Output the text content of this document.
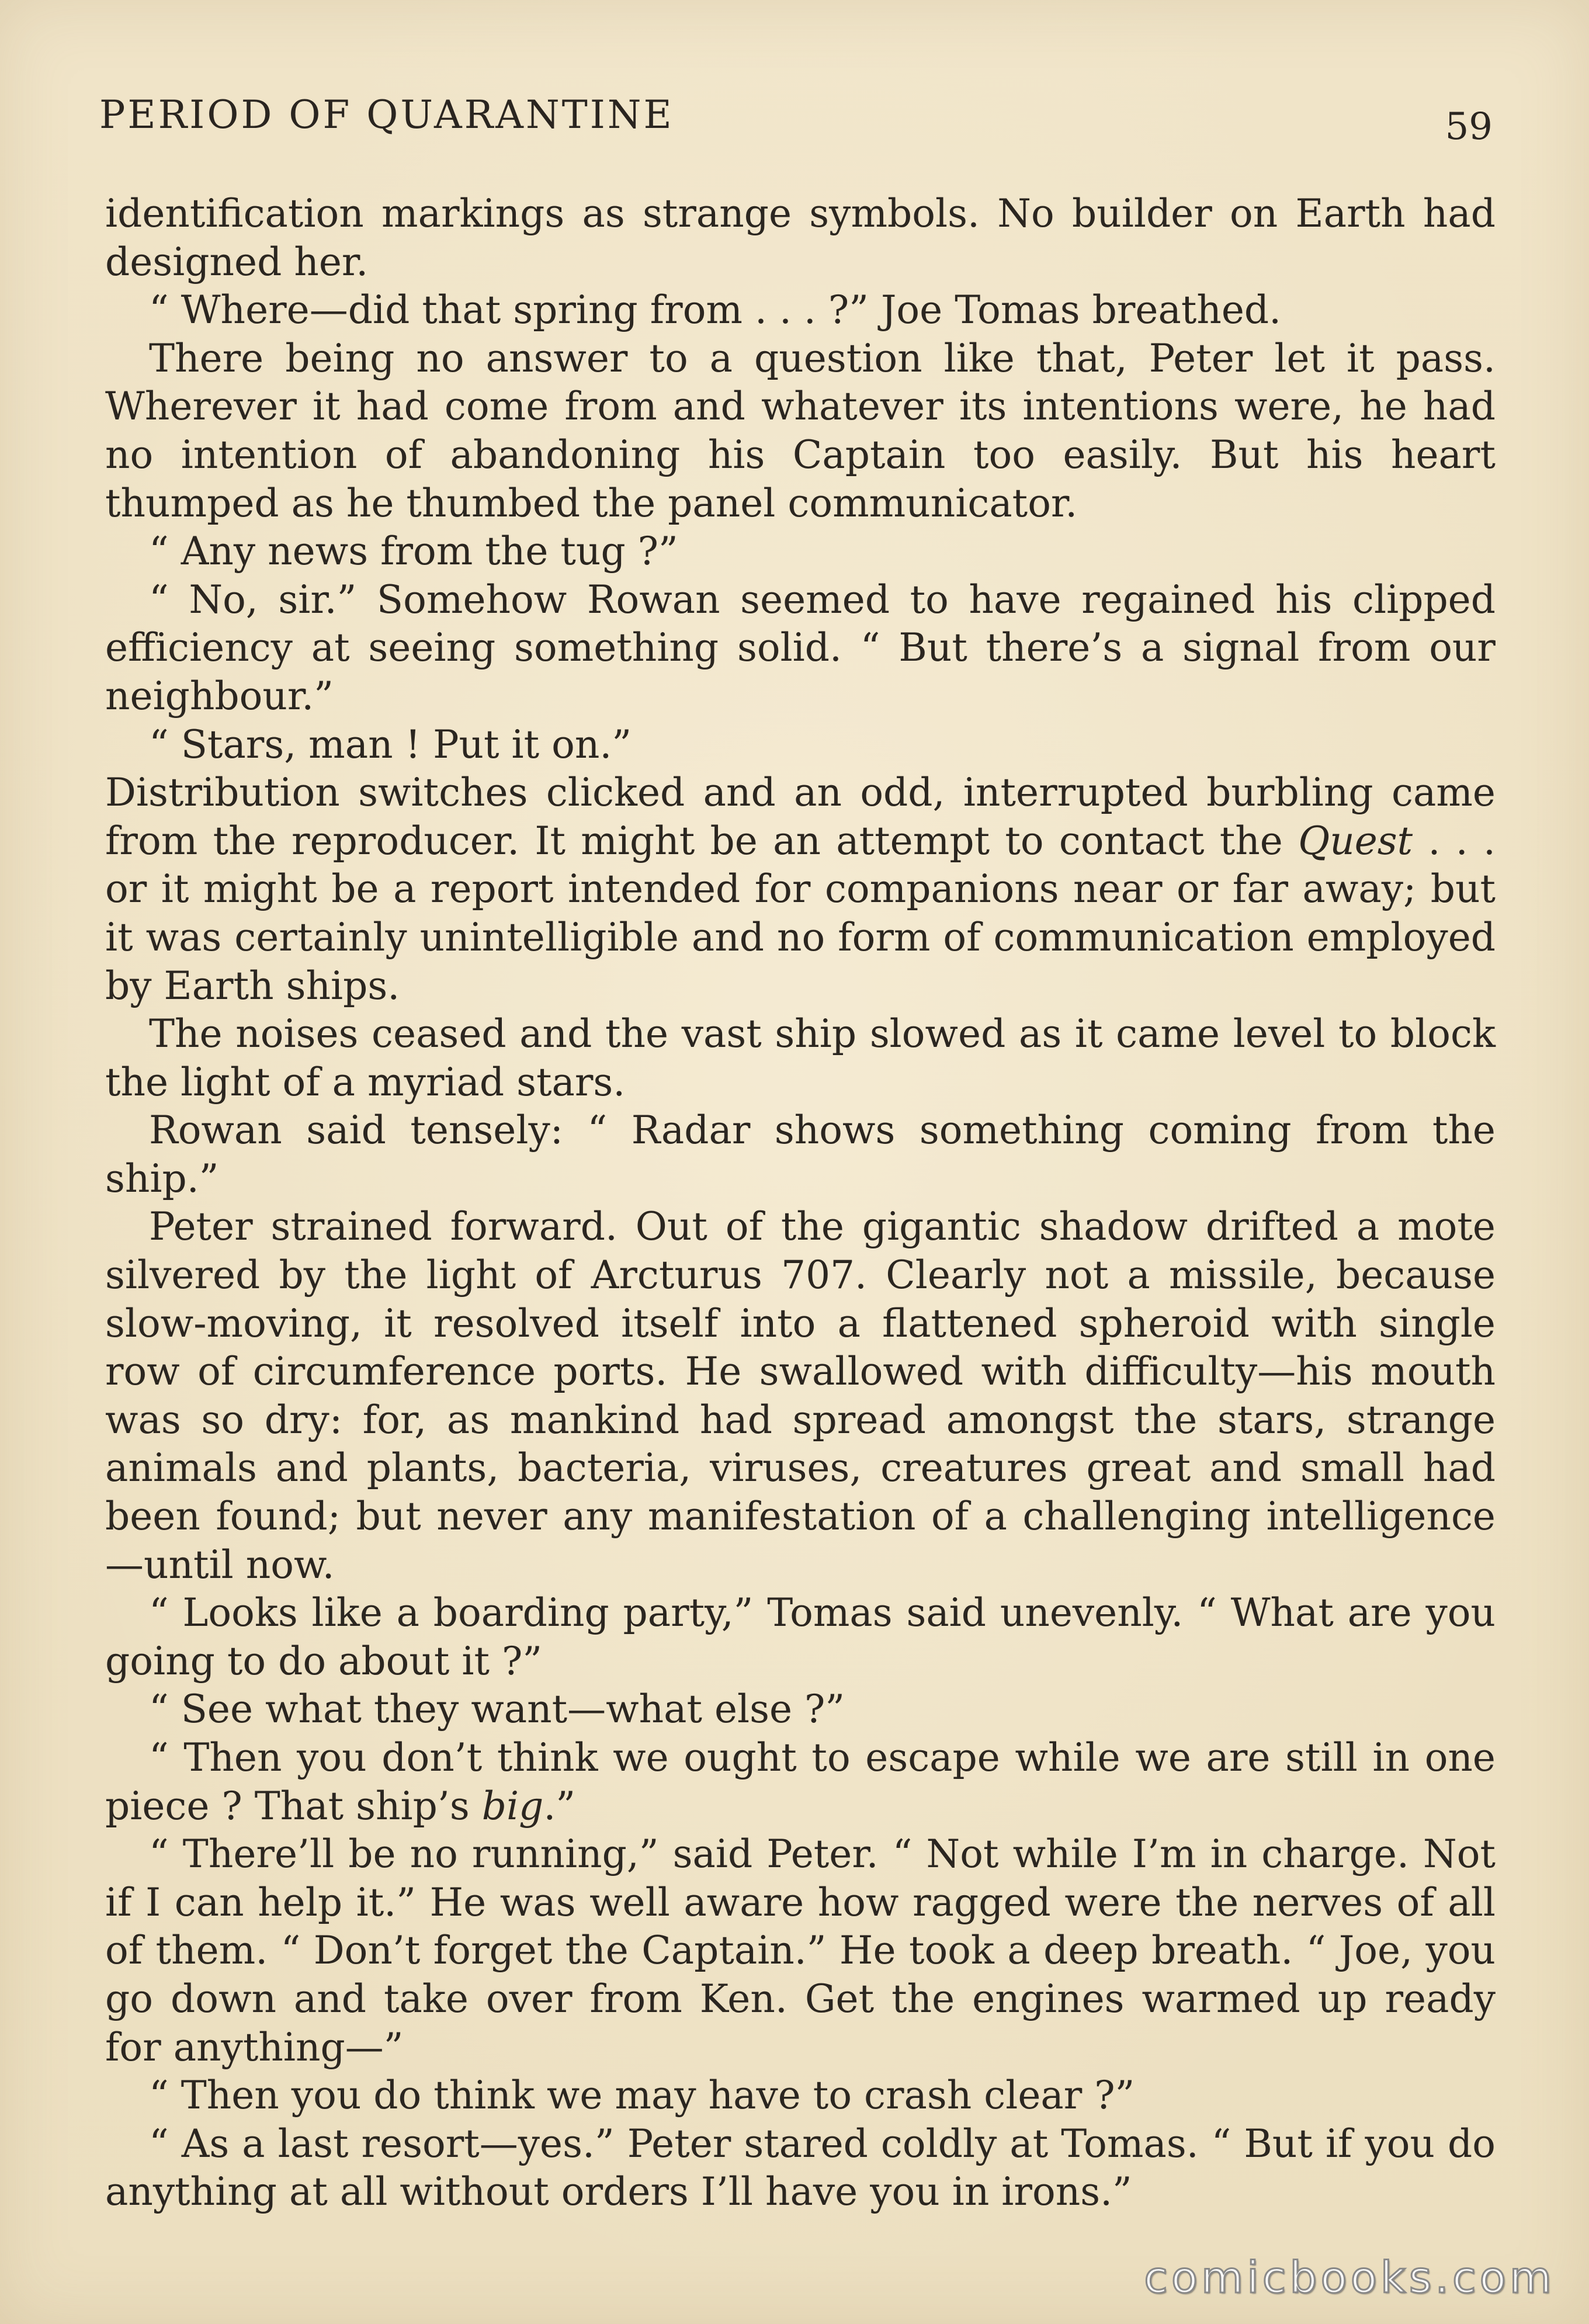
PERIOD OF QUARANTINE	59

identification markings as strange symbols. No builder on Earth had designed her.

“ Where—did that spring from . . . ?” Joe Tomas breathed.

There being no answer to a question like that, Peter let it pass. Wherever it had come from and whatever its intentions were, he had no intention of abandoning his Captain too easily. But his heart thumped as he thumbed the panel communicator.

“ Any news from the tug ?”

“ No, sir.” Somehow Rowan seemed to have regained his clipped efficiency at seeing something solid. “ But there’s a signal from our neighbour.”

“ Stars, man ! Put it on.”

Distribution switches clicked and an odd, interrupted burbling came from the reproducer. It might be an attempt to contact the Quest . . . or it might be a report intended for companions near or far away; but it was certainly unintelligible and no form of communication employed by Earth ships.

The noises ceased and the vast ship slowed as it came level to block the light of a myriad stars.

Rowan said tensely: “ Radar shows something coming from the ship.”

Peter strained forward. Out of the gigantic shadow drifted a mote silvered by the light of Arcturus 707. Clearly not a missile, because slow-moving, it resolved itself into a flattened spheroid with single row of circumference ports. He swallowed with difficulty—his mouth was so dry: for, as mankind had spread amongst the stars, strange animals and plants, bacteria, viruses, creatures great and small had been found; but never any manifestation of a challenging intelligence —until now.

“ Looks like a boarding party,” Tomas said unevenly. “ What are you going to do about it ?”

“ See what they want—what else ?”

“ Then you don’t think we ought to escape while we are still in one piece ? That ship’s big.”

“ There’ll be no running,” said Peter. “ Not while I’m in charge. Not if I can help it.” He was well aware how ragged were the nerves of all of them. “ Don’t forget the Captain.” He took a deep breath. “ Joe, you go down and take over from Ken. Get the engines warmed up ready for anything—”

“ Then you do think we may have to crash clear ?”

“ As a last resort—yes.” Peter stared coldly at Tomas. “ But if you do anything at all without orders I’ll have you in irons.”

comicbooks.com
